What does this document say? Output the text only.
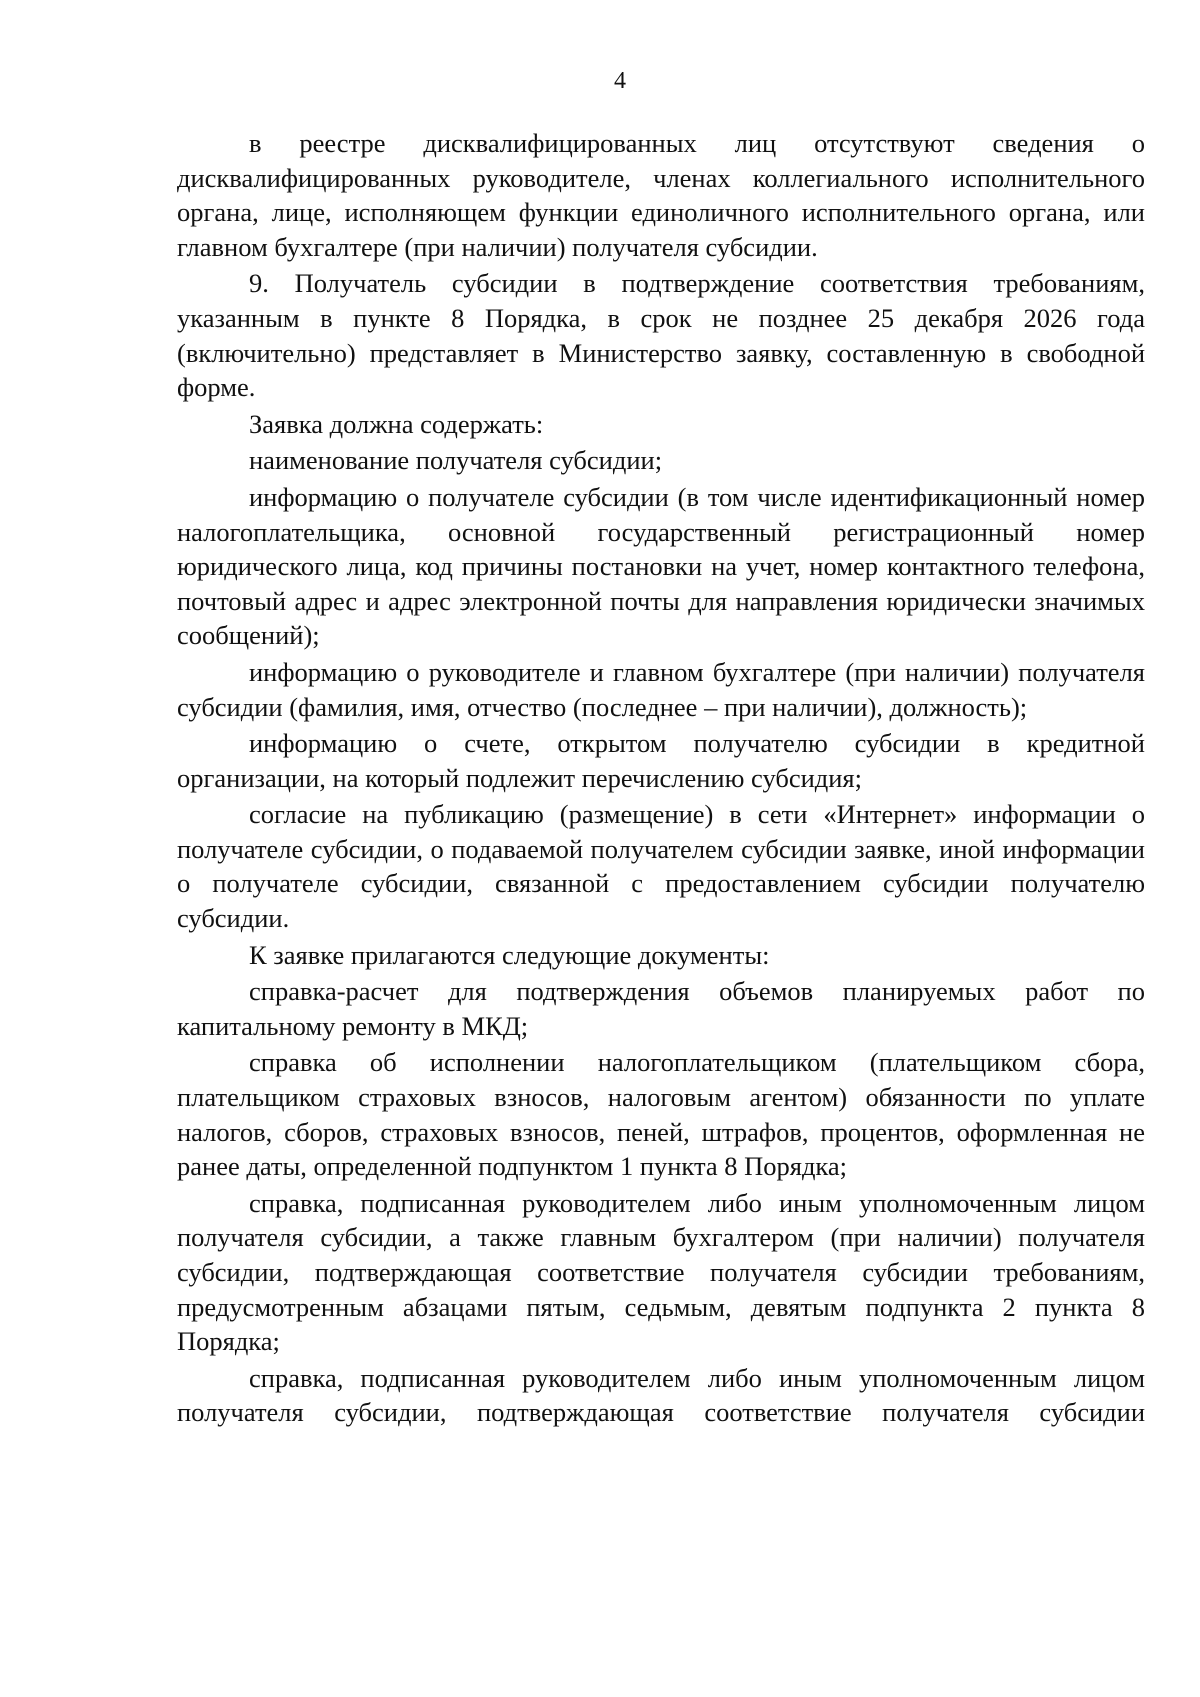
4

в реестре дисквалифицированных лиц отсутствуют сведения о дисквалифицированных руководителе, членах коллегиального исполнительного органа, лице, исполняющем функции единоличного исполнительного органа, или главном бухгалтере (при наличии) получателя субсидии.

9. Получатель субсидии в подтверждение соответствия требованиям, указанным в пункте 8 Порядка, в срок не позднее 25 декабря 2026 года (включительно) представляет в Министерство заявку, составленную в свободной форме.

Заявка должна содержать:

наименование получателя субсидии;

информацию о получателе субсидии (в том числе идентификационный номер налогоплательщика, основной государственный регистрационный номер юридического лица, код причины постановки на учет, номер контактного телефона, почтовый адрес и адрес электронной почты для направления юридически значимых сообщений);

информацию о руководителе и главном бухгалтере (при наличии) получателя субсидии (фамилия, имя, отчество (последнее – при наличии), должность);

информацию о счете, открытом получателю субсидии в кредитной организации, на который подлежит перечислению субсидия;

согласие на публикацию (размещение) в сети «Интернет» информации о получателе субсидии, о подаваемой получателем субсидии заявке, иной информации о получателе субсидии, связанной с предоставлением субсидии получателю субсидии.

К заявке прилагаются следующие документы:

справка-расчет для подтверждения объемов планируемых работ по капитальному ремонту в МКД;

справка об исполнении налогоплательщиком (плательщиком сбора, плательщиком страховых взносов, налоговым агентом) обязанности по уплате налогов, сборов, страховых взносов, пеней, штрафов, процентов, оформленная не ранее даты, определенной подпунктом 1 пункта 8 Порядка;

справка, подписанная руководителем либо иным уполномоченным лицом получателя субсидии, а также главным бухгалтером (при наличии) получателя субсидии, подтверждающая соответствие получателя субсидии требованиям, предусмотренным абзацами пятым, седьмым, девятым подпункта 2 пункта 8 Порядка;

справка, подписанная руководителем либо иным уполномоченным лицом получателя субсидии, подтверждающая соответствие получателя субсидии
